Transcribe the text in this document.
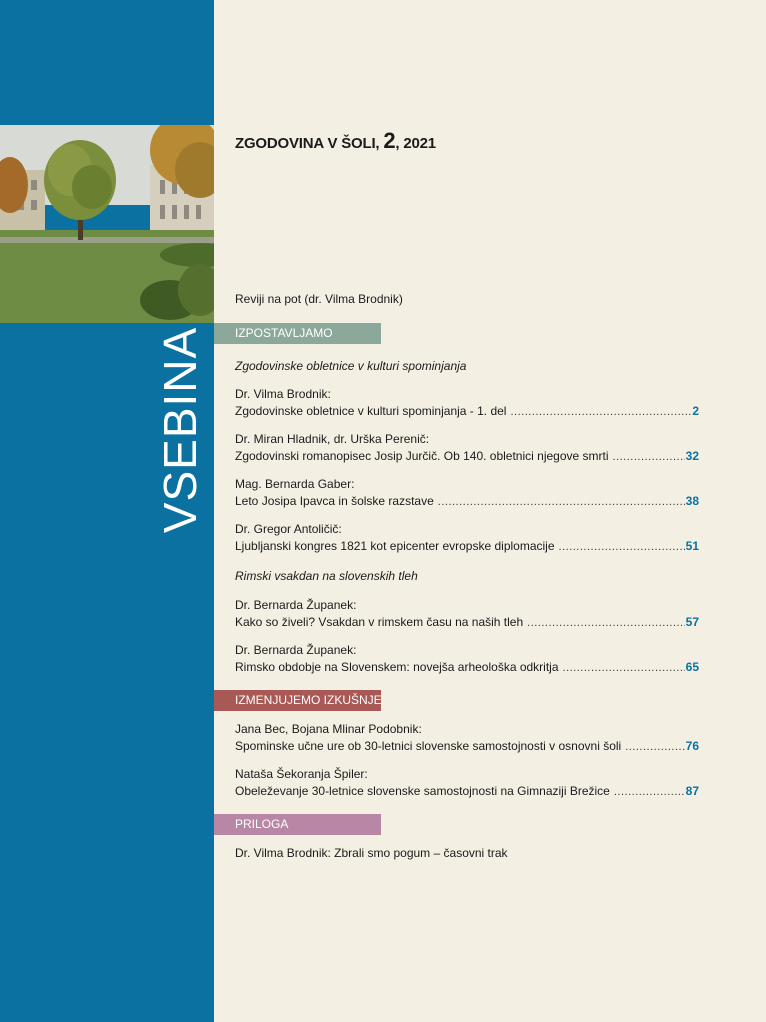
VSEBINA
ZGODOVINA V ŠOLI, 2, 2021
Reviji na pot (dr. Vilma Brodnik)
IZPOSTAVLJAMO
Zgodovinske obletnice v kulturi spominjanja
Dr. Vilma Brodnik:
Zgodovinske obletnice v kulturi spominjanja - 1. del .....	2
Dr. Miran Hladnik, dr. Urška Perenič:
Zgodovinski romanopisec Josip Jurčič. Ob 140. obletnici njegove smrti .....	32
Mag. Bernarda Gaber:
Leto Josipa Ipavca in šolske razstave .....	38
Dr. Gregor Antoličič:
Ljubljanski kongres 1821 kot epicenter evropske diplomacije .....	51
Rimski vsakdan na slovenskih tleh
Dr. Bernarda Županek:
Kako so živeli? Vsakdan v rimskem času na naših tleh .....	57
Dr. Bernarda Županek:
Rimsko obdobje na Slovenskem: novejša arheološka odkritja .....	65
IZMENJUJEMO IZKUŠNJE
Jana Bec, Bojana Mlinar Podobnik:
Spominske učne ure ob 30-letnici slovenske samostojnosti v osnovni šoli .....	76
Nataša Šekoranja Špiler:
Obeleževanje 30-letnice slovenske samostojnosti na Gimnaziji Brežice .....	87
PRILOGA
Dr. Vilma Brodnik: Zbrali smo pogum – časovni trak
